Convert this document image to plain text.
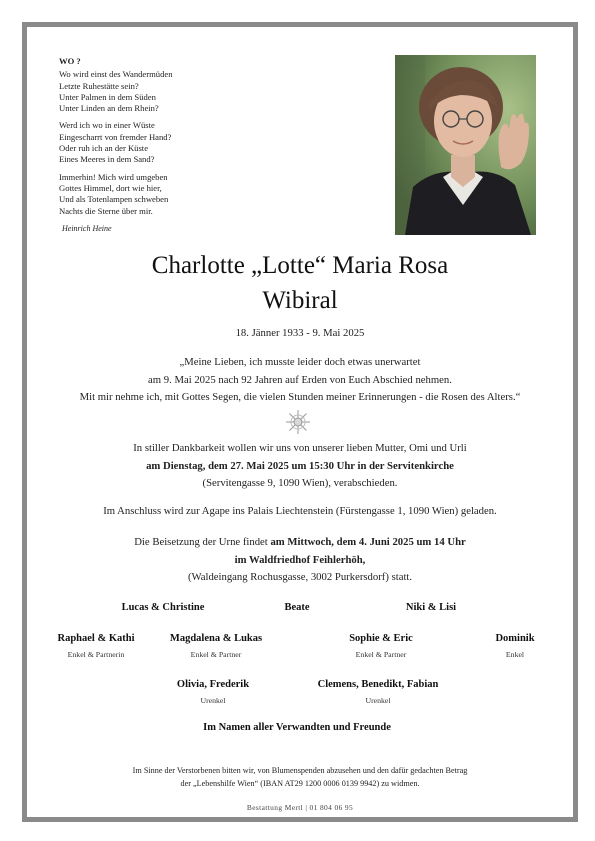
WO ?
Wo wird einst des Wandermüden
Letzte Ruhestätte sein?
Unter Palmen in dem Süden
Unter Linden an dem Rhein?
Werd ich wo in einer Wüste
Eingescharrt von fremder Hand?
Oder ruh ich an der Küste
Eines Meeres in dem Sand?
Immerhin! Mich wird umgeben
Gottes Himmel, dort wie hier,
Und als Totenlampen schweben
Nachts die Sterne über mir.
Heinrich Heine
Charlotte „Lotte“ Maria Rosa
Wibiral
18. Jänner 1933 - 9. Mai 2025
„Meine Lieben, ich musste leider doch etwas unerwartet
am 9. Mai 2025 nach 92 Jahren auf Erden von Euch Abschied nehmen.
Mit mir nehme ich, mit Gottes Segen, die vielen Stunden meiner Erinnerungen - die Rosen des Alters.“
In stiller Dankbarkeit wollen wir uns von unserer lieben Mutter, Omi und Urli
am Dienstag, dem 27. Mai 2025 um 15:30 Uhr in der Servitenkirche
(Servitengasse 9, 1090 Wien), verabschieden.
Im Anschluss wird zur Agape ins Palais Liechtenstein (Fürstengasse 1, 1090 Wien) geladen.
Die Beisetzung der Urne findet am Mittwoch, dem 4. Juni 2025 um 14 Uhr
im Waldfriedhof Feihlerhöh,
(Waldeingang Rochusgasse, 3002 Purkersdorf) statt.
Lucas & Christine	Beate	Niki & Lisi
Raphael & Kathi
Enkel & Partnerin
Magdalena & Lukas
Enkel & Partner
Sophie & Eric
Enkel & Partner
Dominik
Enkel
Olivia, Frederik
Urenkel
Clemens, Benedikt, Fabian
Urenkel
Im Namen aller Verwandten und Freunde
Im Sinne der Verstorbenen bitten wir, von Blumenspenden abzusehen und den dafür gedachten Betrag
der „Lebenshilfe Wien“ (IBAN AT29 1200 0006 0139 9942) zu widmen.
Bestattung Mertl | 01 804 06 95
